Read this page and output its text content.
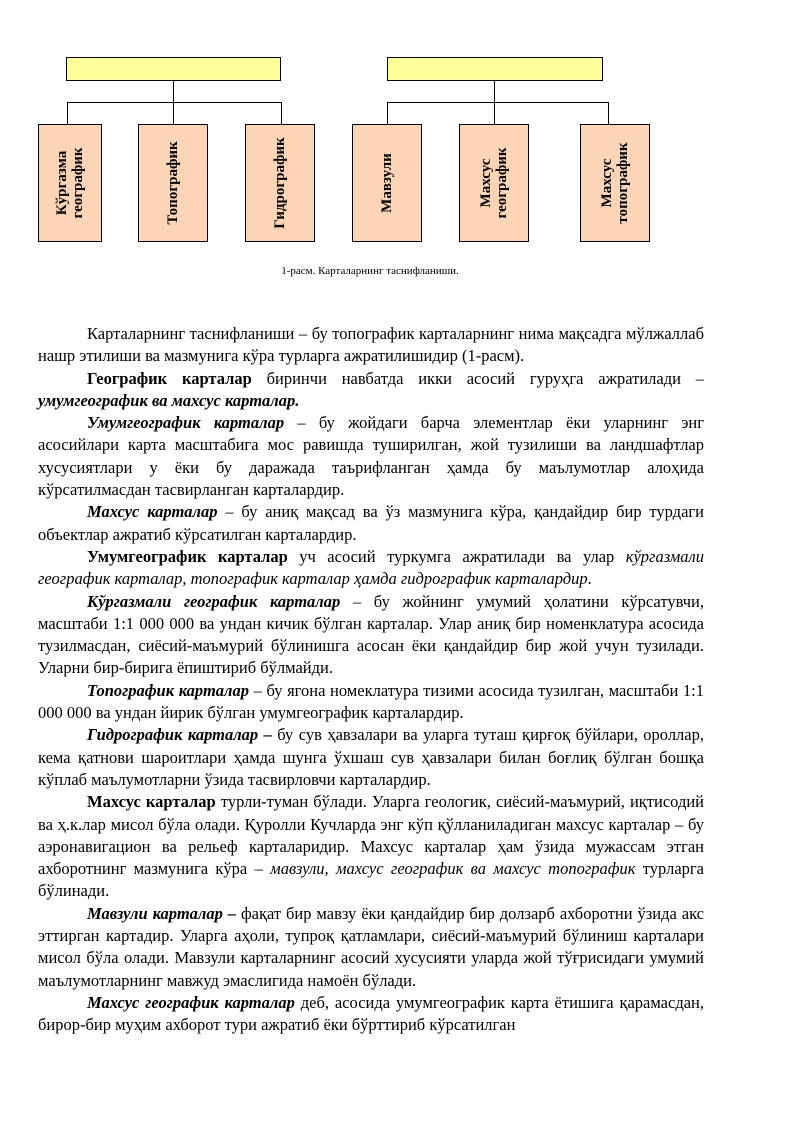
Кўргазма
географик	Топографик	Гидрографик	Мавзули	Махсус
географик	Махсус
топографик
1-расм. Карталарнинг таснифланиши.

Карталарнинг таснифланиши – бу топографик карталарнинг нима мақсадга мўлжаллаб нашр этилиши ва мазмунига кўра турларга ажратилишидир (1-расм).

Географик карталар биринчи навбатда икки асосий гуруҳга ажратилади – умумгеографик ва махсус карталар.

Умумгеографик карталар – бу жойдаги барча элементлар ёки уларнинг энг асосийлари карта масштабига мос равишда туширилган, жой тузилиши ва ландшафтлар хусусиятлари у ёки бу даражада таърифланган ҳамда бу маълумотлар алоҳида кўрсатилмасдан тасвирланган карталардир.

Махсус карталар – бу аниқ мақсад ва ўз мазмунига кўра, қандайдир бир турдаги объектлар ажратиб кўрсатилган карталардир.

Умумгеографик карталар уч асосий туркумга ажратилади ва улар кўргазмали географик карталар, топографик карталар ҳамда гидрографик карталардир.

Кўргазмали географик карталар – бу жойнинг умумий ҳолатини кўрсатувчи, масштаби 1:1 000 000 ва ундан кичик бўлган карталар. Улар аниқ бир номенклатура асосида тузилмасдан, сиёсий-маъмурий бўлинишга асосан ёки қандайдир бир жой учун тузилади. Уларни бир-бирига ёпиштириб бўлмайди.

Топографик карталар – бу ягона номеклатура тизими асосида тузилган, масштаби 1:1 000 000 ва ундан йирик бўлган умумгеографик карталардир.

Гидрографик карталар – бу сув ҳавзалари ва уларга туташ қирғоқ бўйлари, ороллар, кема қатнови шароитлари ҳамда шунга ўхшаш сув ҳавзалари билан боғлиқ бўлган бошқа кўплаб маълумотларни ўзида тасвирловчи карталардир.

Махсус карталар турли-туман бўлади. Уларга геологик, сиёсий-маъмурий, иқтисодий ва ҳ.к.лар мисол бўла олади. Қуролли Кучларда энг кўп қўлланиладиган махсус карталар – бу аэронавигацион ва рельеф карталаридир. Махсус карталар ҳам ўзида мужассам этган ахборотнинг мазмунига кўра – мавзули, махсус географик ва махсус топографик турларга бўлинади.

Мавзули карталар – фақат бир мавзу ёки қандайдир бир долзарб ахборотни ўзида акс эттирган картадир. Уларга аҳоли, тупроқ қатламлари, сиёсий-маъмурий бўлиниш карталари мисол бўла олади. Мавзули карталарнинг асосий хусусияти уларда жой тўғрисидаги умумий маълумотларнинг мавжуд эмаслигида намоён бўлади.

Махсус географик карталар деб, асосида умумгеографик карта ётишига қарамасдан, бирор-бир муҳим ахборот тури ажратиб ёки бўрттириб кўрсатилган
